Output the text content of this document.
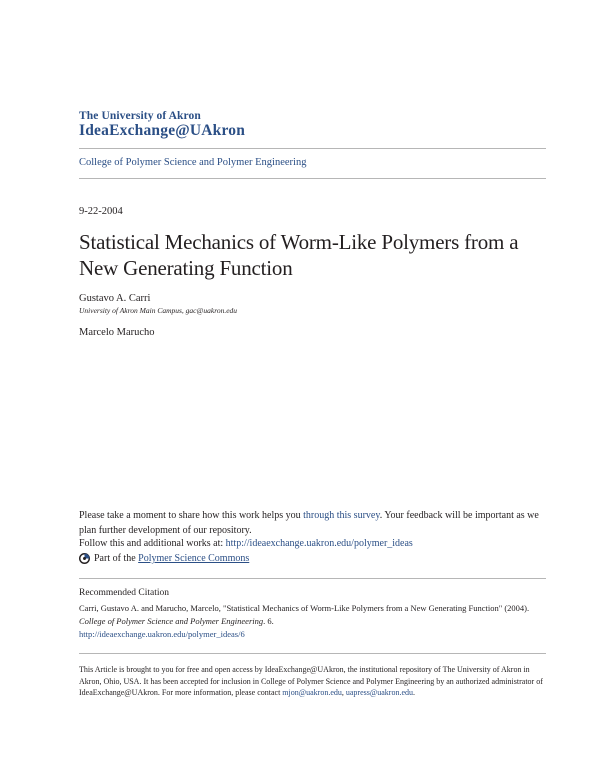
The University of Akron
IdeaExchange@UAkron
College of Polymer Science and Polymer Engineering
9-22-2004
Statistical Mechanics of Worm-Like Polymers from a New Generating Function
Gustavo A. Carri
University of Akron Main Campus, gac@uakron.edu
Marcelo Marucho
Please take a moment to share how this work helps you through this survey. Your feedback will be important as we plan further development of our repository.
Follow this and additional works at: http://ideaexchange.uakron.edu/polymer_ideas
Part of the
Polymer Science Commons
Recommended Citation
Carri, Gustavo A. and Marucho, Marcelo, "Statistical Mechanics of Worm-Like Polymers from a New Generating Function" (2004). College of Polymer Science and Polymer Engineering. 6.
http://ideaexchange.uakron.edu/polymer_ideas/6
This Article is brought to you for free and open access by IdeaExchange@UAkron, the institutional repository of The University of Akron in Akron, Ohio, USA. It has been accepted for inclusion in College of Polymer Science and Polymer Engineering by an authorized administrator of IdeaExchange@UAkron. For more information, please contact mjon@uakron.edu, uapress@uakron.edu.
